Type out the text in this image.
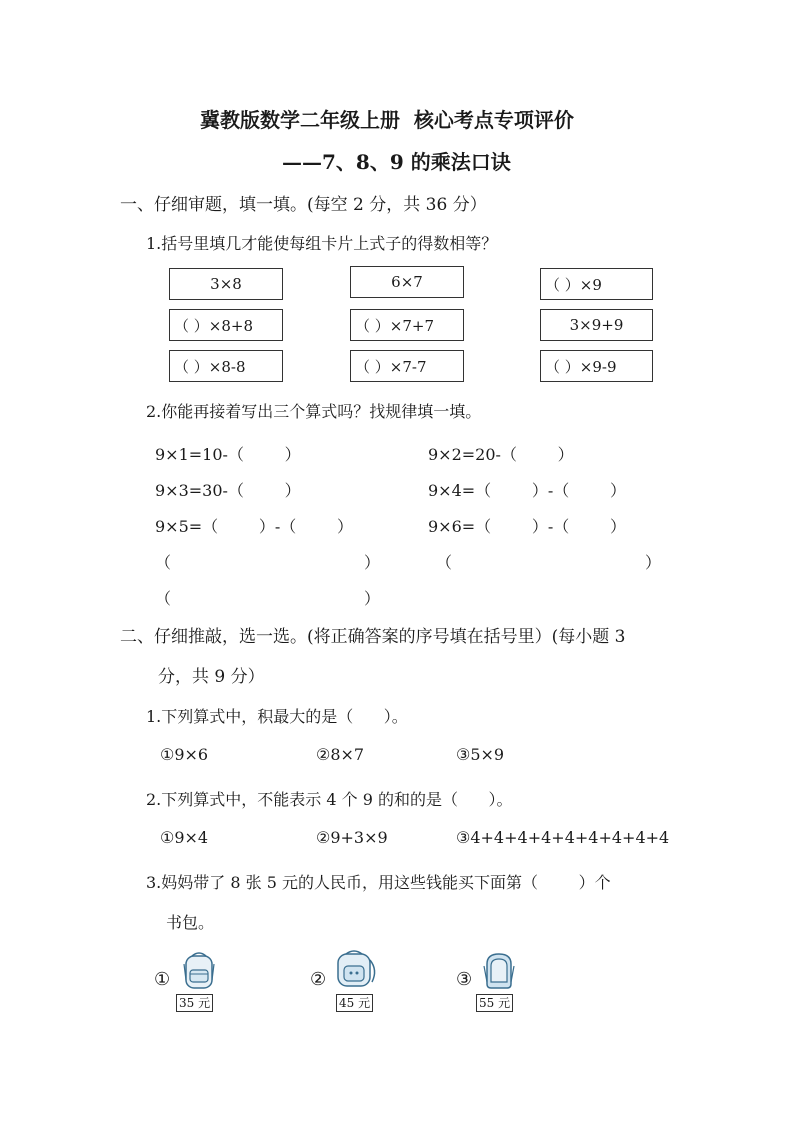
冀教版数学二年级上册  核心考点专项评价
——7、8、9 的乘法口诀
一、仔细审题，填一填。(每空 2 分，共 36 分）
1.括号里填几才能使每组卡片上式子的得数相等？
3×8	6×7	（ ）×9
（ ）×8+8	（ ）×7+7	3×9+9
（ ）×8-8	（ ）×7-7	（ ）×9-9
2.你能再接着写出三个算式吗？找规律填一填。
9×1=10-（        ）	9×2=20-（        ）
9×3=30-（        ）	9×4=（        ）-（        ）
9×5=（        ）-（        ）	9×6=（        ）-（        ）
（	）	（	）
（	）
二、仔细推敲，选一选。(将正确答案的序号填在括号里）(每小题 3
分，共 9 分）
1.下列算式中，积最大的是（      ）。
①9×6	②8×7	③5×9
2.下列算式中，不能表示 4 个 9 的和的是（      ）。
①9×4	②9+3×9	③4+4+4+4+4+4+4+4+4
3.妈妈带了 8 张 5 元的人民币，用这些钱能买下面第（        ）个
书包。
①
35 元
②
45 元
③
55 元
